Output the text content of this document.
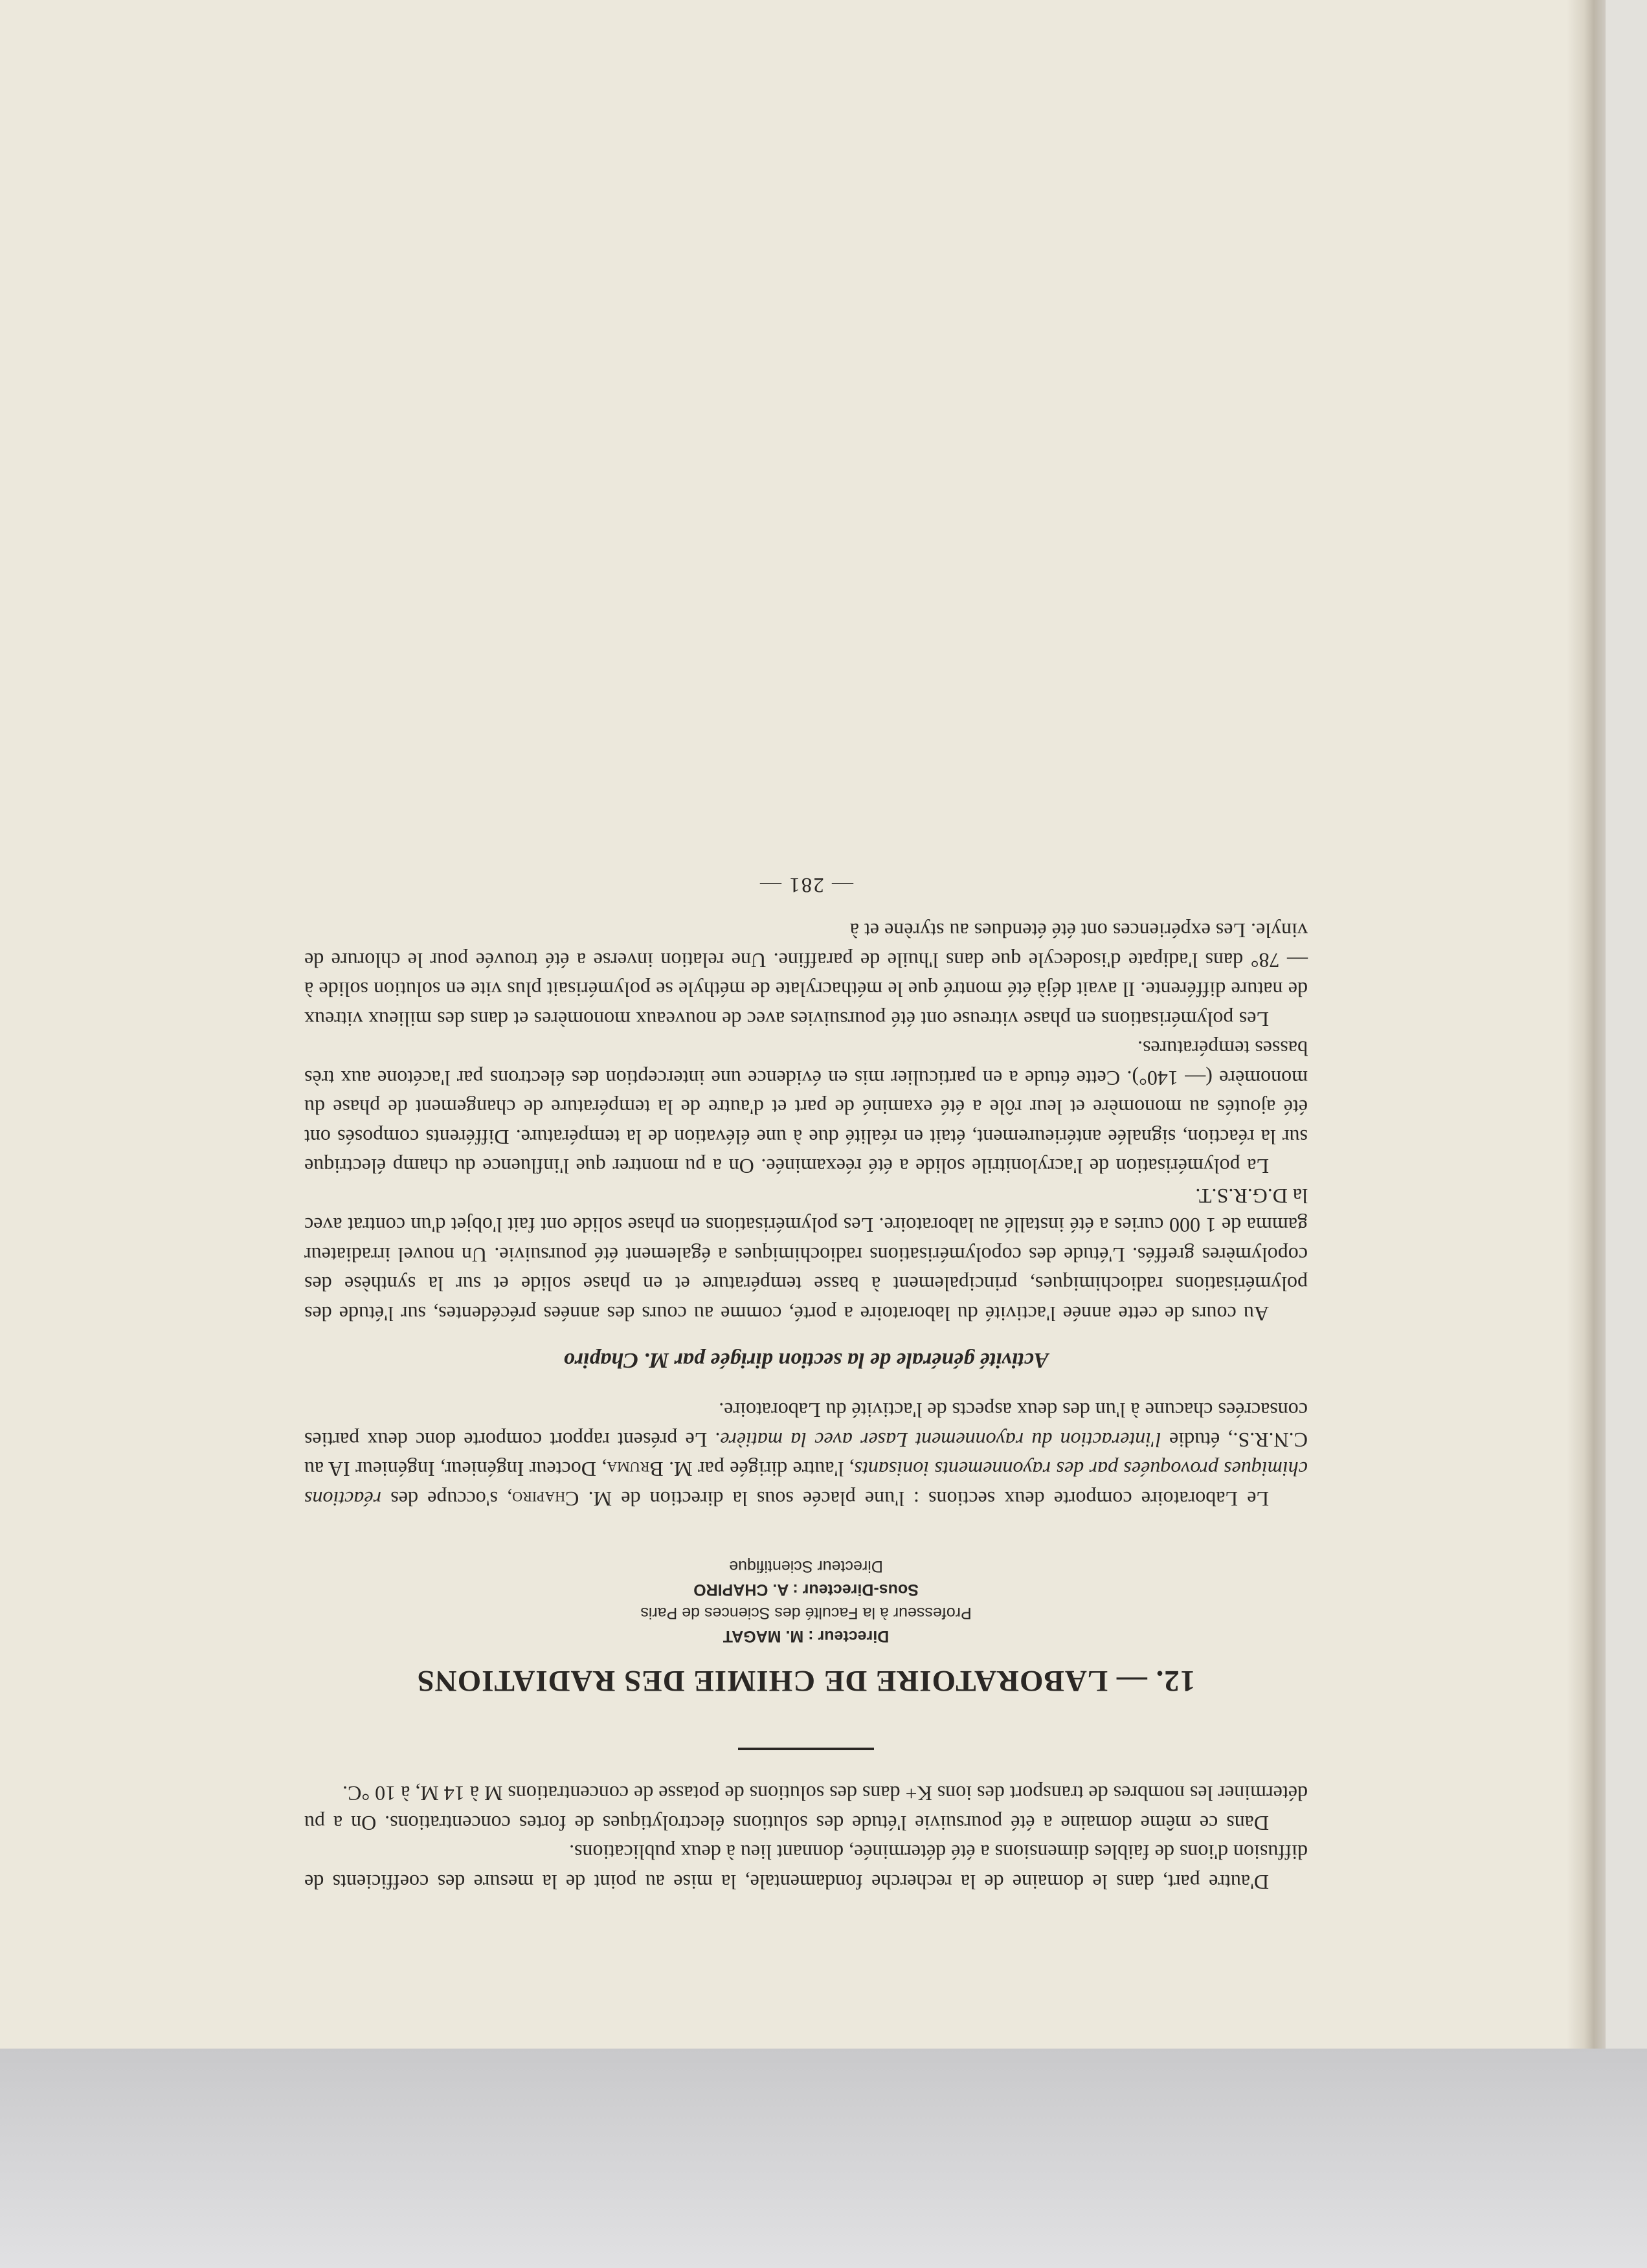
D'autre part, dans le domaine de la recherche fondamentale, la mise au point de la mesure des coefficients de diffusion d'ions de faibles dimensions a été déterminée, donnant lieu à deux publications.

Dans ce même domaine a été poursuivie l'étude des solutions électrolytiques de fortes concentrations. On a pu déterminer les nombres de transport des ions K+ dans des solutions de potasse de concentrations M à 14 M, à 10 °C.

12. — LABORATOIRE DE CHIMIE DES RADIATIONS
Directeur : M. MAGAT
Professeur à la Faculté des Sciences de Paris
Sous-Directeur : A. CHAPIRO
Directeur Scientifique

Le Laboratoire comporte deux sections : l'une placée sous la direction de M. Chapiro, s'occupe des réactions chimiques provoquées par des rayonnements ionisants, l'autre dirigée par M. Bruma, Docteur Ingénieur, Ingénieur IA au C.N.R.S., étudie l'interaction du rayonnement Laser avec la matière. Le présent rapport comporte donc deux parties consacrées chacune à l'un des deux aspects de l'activité du Laboratoire.

Activité générale de la section dirigée par M. Chapiro

Au cours de cette année l'activité du laboratoire a porté, comme au cours des années précédentes, sur l'étude des polymérisations radiochimiques, principalement à basse température et en phase solide et sur la synthèse des copolymères greffés. L'étude des copolymérisations radiochimiques a également été poursuivie. Un nouvel irradiateur gamma de 1 000 curies a été installé au laboratoire. Les polymérisations en phase solide ont fait l'objet d'un contrat avec la D.G.R.S.T.

La polymérisation de l'acrylonitrile solide a été réexaminée. On a pu montrer que l'influence du champ électrique sur la réaction, signalée antérieurement, était en réalité due à une élévation de la température. Différents composés ont été ajoutés au monomère et leur rôle a été examiné de part et d'autre de la température de changement de phase du monomère (— 140°). Cette étude a en particulier mis en évidence une interception des électrons par l'acétone aux très basses températures.

Les polymérisations en phase vitreuse ont été poursuivies avec de nouveaux monomères et dans des milieux vitreux de nature différente. Il avait déjà été montré que le méthacrylate de méthyle se polymérisait plus vite en solution solide à — 78° dans l'adipate d'isodecyle que dans l'huile de paraffine. Une relation inverse a été trouvée pour le chlorure de vinyle. Les expériences ont été étendues au styrène et à

— 281 —
